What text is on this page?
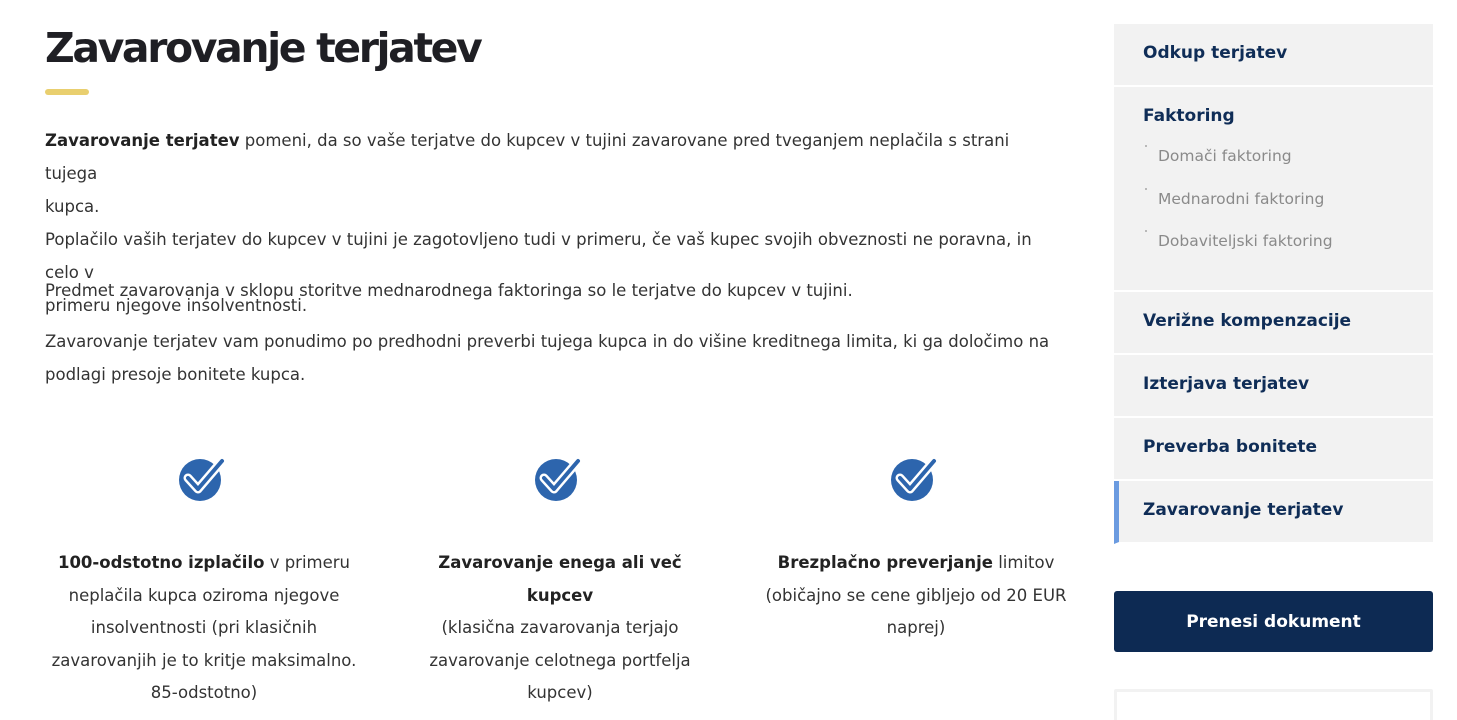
Zavarovanje terjatev
Zavarovanje terjatev pomeni, da so vaše terjatve do kupcev v tujini zavarovane pred tveganjem neplačila s strani tujega
kupca.
Poplačilo vaših terjatev do kupcev v tujini je zagotovljeno tudi v primeru, če vaš kupec svojih obveznosti ne poravna, in celo v
primeru njegove insolventnosti.

Predmet zavarovanja v sklopu storitve mednarodnega faktoringa so le terjatve do kupcev v tujini.

Zavarovanje terjatev vam ponudimo po predhodni preverbi tujega kupca in do višine kreditnega limita, ki ga določimo na
podlagi presoje bonitete kupca.
100-odstotno izplačilo v primeru neplačila kupca oziroma njegove insolventnosti (pri klasičnih zavarovanjih je to kritje maksimalno. 85-odstotno)
Zavarovanje enega ali več kupcev
(klasična zavarovanja terjajo zavarovanje celotnega portfelja kupcev)
Brezplačno preverjanje limitov (običajno se cene gibljejo od 20 EUR naprej)
Odkup terjatev
Faktoring
Domači faktoring
Mednarodni faktoring
Dobaviteljski faktoring
Verižne kompenzacije
Izterjava terjatev
Preverba bonitete
Zavarovanje terjatev
Prenesi dokument
